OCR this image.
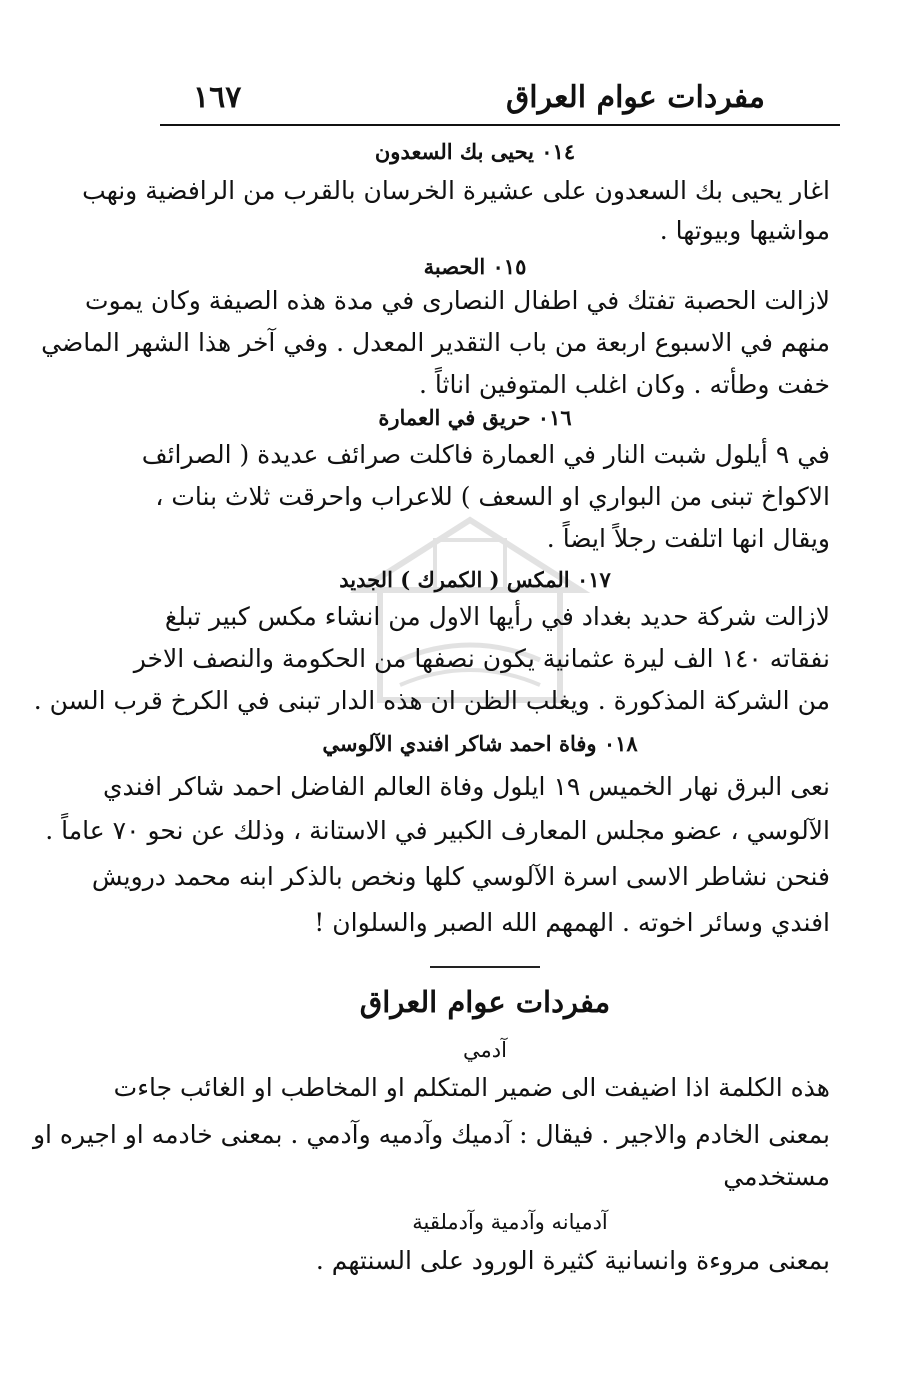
مفردات عوام العراق
١٦٧
٠١٤ يحيى بك السعدون
اغار يحيى بك السعدون على عشيرة الخرسان بالقرب من الرافضية ونهب
مواشيها وبيوتها .
٠١٥ الحصبة
لازالت الحصبة تفتك في اطفال النصارى في مدة هذه الصيفة وكان يموت
منهم في الاسبوع اربعة من باب التقدير المعدل . وفي آخر هذا الشهر الماضي
خفت وطأته . وكان اغلب المتوفين اناثاً .
٠١٦ حريق في العمارة
في ٩ أيلول شبت النار في العمارة فاكلت صرائف عديدة ( الصرائف
الاكواخ تبنى من البواري او السعف ) للاعراب واحرقت ثلاث بنات ،
ويقال انها اتلفت رجلاً ايضاً .
٠١٧ المكس ( الكمرك ) الجديد
لازالت شركة حديد بغداد في رأيها الاول من انشاء مكس كبير تبلغ
نفقاته ١٤٠ الف ليرة عثمانية يكون نصفها من الحكومة والنصف الاخر
من الشركة المذكورة . ويغلب الظن ان هذه الدار تبنى في الكرخ قرب السن .
٠١٨ وفاة احمد شاكر افندي الآلوسي
نعى البرق نهار الخميس ١٩ ايلول وفاة العالم الفاضل احمد شاكر افندي
الآلوسي ، عضو مجلس المعارف الكبير في الاستانة ، وذلك عن نحو ٧٠ عاماً .
فنحن نشاطر الاسى اسرة الآلوسي كلها ونخص بالذكر ابنه محمد درويش
افندي وسائر اخوته . الهمهم الله الصبر والسلوان !
مفردات عوام العراق
آدمي
هذه الكلمة اذا اضيفت الى ضمير المتكلم او المخاطب او الغائب جاءت
بمعنى الخادم والاجير . فيقال : آدميك وآدميه وآدمي . بمعنى خادمه او اجيره او
مستخدمي
آدميانه وآدمية وآدملقية
بمعنى مروءة وانسانية كثيرة الورود على السنتهم .
